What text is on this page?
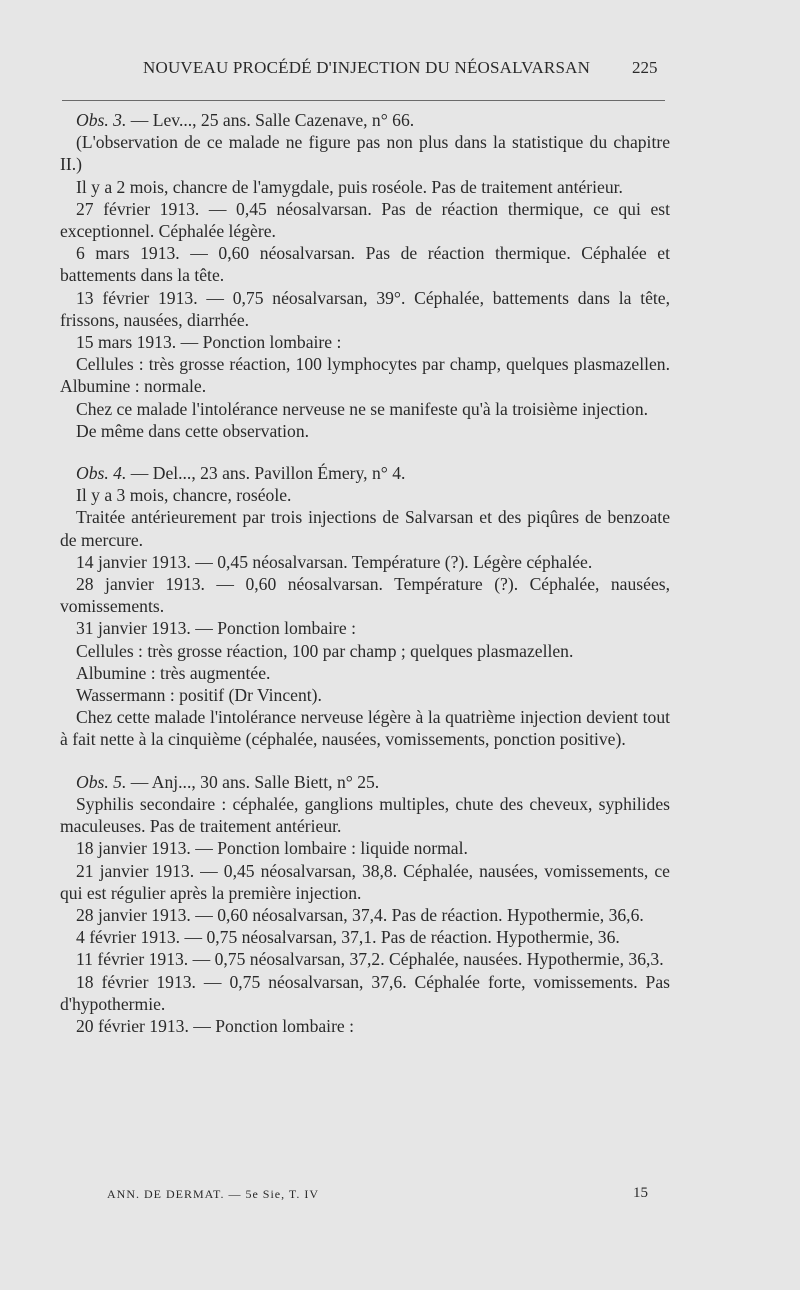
NOUVEAU PROCÉDÉ D'INJECTION DU NÉOSALVARSAN 225

Obs. 3. — Lev..., 25 ans. Salle Cazenave, n° 66.

(L'observation de ce malade ne figure pas non plus dans la statistique du chapitre II.)

Il y a 2 mois, chancre de l'amygdale, puis roséole. Pas de traitement antérieur.

27 février 1913. — 0,45 néosalvarsan. Pas de réaction thermique, ce qui est exceptionnel. Céphalée légère.

6 mars 1913. — 0,60 néosalvarsan. Pas de réaction thermique. Céphalée et battements dans la tête.

13 février 1913. — 0,75 néosalvarsan, 39°. Céphalée, battements dans la tête, frissons, nausées, diarrhée.

15 mars 1913. — Ponction lombaire :

Cellules : très grosse réaction, 100 lymphocytes par champ, quelques plasmazellen. Albumine : normale.

Chez ce malade l'intolérance nerveuse ne se manifeste qu'à la troisième injection.

De même dans cette observation.

Obs. 4. — Del..., 23 ans. Pavillon Émery, n° 4.

Il y a 3 mois, chancre, roséole.

Traitée antérieurement par trois injections de Salvarsan et des piqûres de benzoate de mercure.

14 janvier 1913. — 0,45 néosalvarsan. Température (?). Légère céphalée.

28 janvier 1913. — 0,60 néosalvarsan. Température (?). Céphalée, nausées, vomissements.

31 janvier 1913. — Ponction lombaire :

Cellules : très grosse réaction, 100 par champ ; quelques plasmazellen.

Albumine : très augmentée.

Wassermann : positif (Dr Vincent).

Chez cette malade l'intolérance nerveuse légère à la quatrième injection devient tout à fait nette à la cinquième (céphalée, nausées, vomissements, ponction positive).

Obs. 5. — Anj..., 30 ans. Salle Biett, n° 25.

Syphilis secondaire : céphalée, ganglions multiples, chute des cheveux, syphilides maculeuses. Pas de traitement antérieur.

18 janvier 1913. — Ponction lombaire : liquide normal.

21 janvier 1913. — 0,45 néosalvarsan, 38,8. Céphalée, nausées, vomissements, ce qui est régulier après la première injection.

28 janvier 1913. — 0,60 néosalvarsan, 37,4. Pas de réaction. Hypothermie, 36,6.

4 février 1913. — 0,75 néosalvarsan, 37,1. Pas de réaction. Hypothermie, 36.

11 février 1913. — 0,75 néosalvarsan, 37,2. Céphalée, nausées. Hypothermie, 36,3.

18 février 1913. — 0,75 néosalvarsan, 37,6. Céphalée forte, vomissements. Pas d'hypothermie.

20 février 1913. — Ponction lombaire :

ANN. DE DERMAT. — 5e Sie, T. IV	15
